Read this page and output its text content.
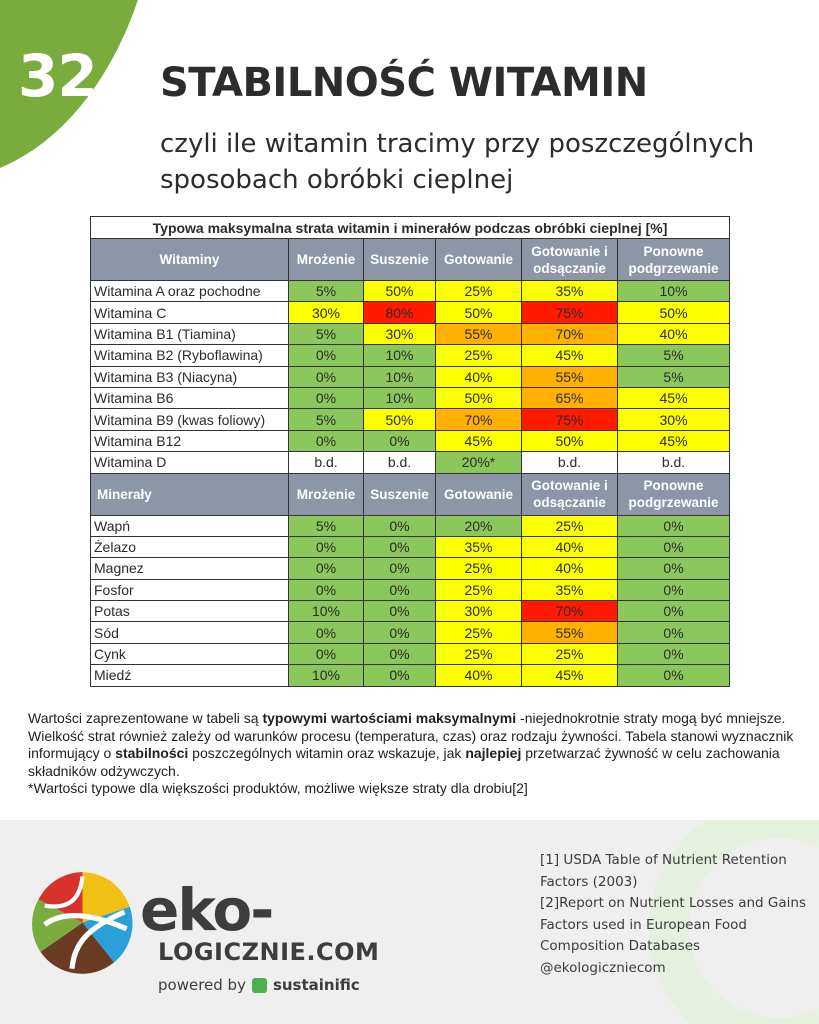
32 STABILNOŚĆ WITAMIN
czyli ile witamin tracimy przy poszczególnych sposobach obróbki cieplnej
Typowa maksymalna strata witamin i minerałów podczas obróbki cieplnej [%]					
Witaminy	Mrożenie	Suszenie	Gotowanie	Gotowanie i odsączanie	Ponowne podgrzewanie
Witamina A oraz pochodne	5%	50%	25%	35%	10%
Witamina C	30%	80%	50%	75%	50%
Witamina B1 (Tiamina)	5%	30%	55%	70%	40%
Witamina B2 (Ryboflawina)	0%	10%	25%	45%	5%
Witamina B3 (Niacyna)	0%	10%	40%	55%	5%
Witamina B6	0%	10%	50%	65%	45%
Witamina B9 (kwas foliowy)	5%	50%	70%	75%	30%
Witamina B12	0%	0%	45%	50%	45%
Witamina D	b.d.	b.d.	20%*	b.d.	b.d.
Minerały	Mrożenie	Suszenie	Gotowanie	Gotowanie i odsączanie	Ponowne podgrzewanie
Wapń	5%	0%	20%	25%	0%
Żelazo	0%	0%	35%	40%	0%
Magnez	0%	0%	25%	40%	0%
Fosfor	0%	0%	25%	35%	0%
Potas	10%	0%	30%	70%	0%
Sód	0%	0%	25%	55%	0%
Cynk	0%	0%	25%	25%	0%
Miedź	10%	0%	40%	45%	0%

Wartości zaprezentowane w tabeli są typowymi wartościami maksymalnymi -niejednokrotnie straty mogą być mniejsze. Wielkość strat również zależy od warunków procesu (temperatura, czas) oraz rodzaju żywności. Tabela stanowi wyznacznik informujący o stabilności poszczególnych witamin oraz wskazuje, jak najlepiej przetwarzać żywność w celu zachowania składników odżywczych.

*Wartości typowe dla większości produktów, możliwe większe straty dla drobiu[2]

eko-
LOGICZNIE.COM
powered by sustainific
[1] USDA Table of Nutrient Retention Factors (2003)
[2]Report on Nutrient Losses and Gains Factors used in European Food Composition Databases
@ekologiczniecom
